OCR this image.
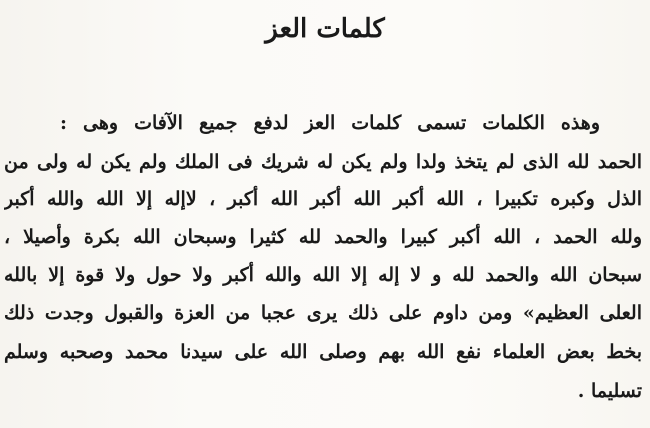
كلمات العز
وهذه الكلمات تسمى كلمات العز لدفع جميع الآفات وهى :
الحمد لله الذى لم يتخذ ولدا ولم يكن له شريك فى الملك ولم يكن له ولى من
الذل وكبره تكبيرا ، الله أكبر الله أكبر الله أكبر ، لاإله إلا الله والله أكبر
ولله الحمد ، الله أكبر كبيرا والحمد لله كثيرا وسبحان الله بكرة وأصيلا ،
سبحان الله والحمد لله و لا إله إلا الله والله أكبر ولا حول ولا قوة إلا بالله
العلى العظيم» ومن داوم على ذلك يرى عجبا من العزة والقبول وجدت ذلك
بخط بعض العلماء نفع الله بهم وصلى الله على سيدنا محمد وصحبه وسلم
تسليما .
